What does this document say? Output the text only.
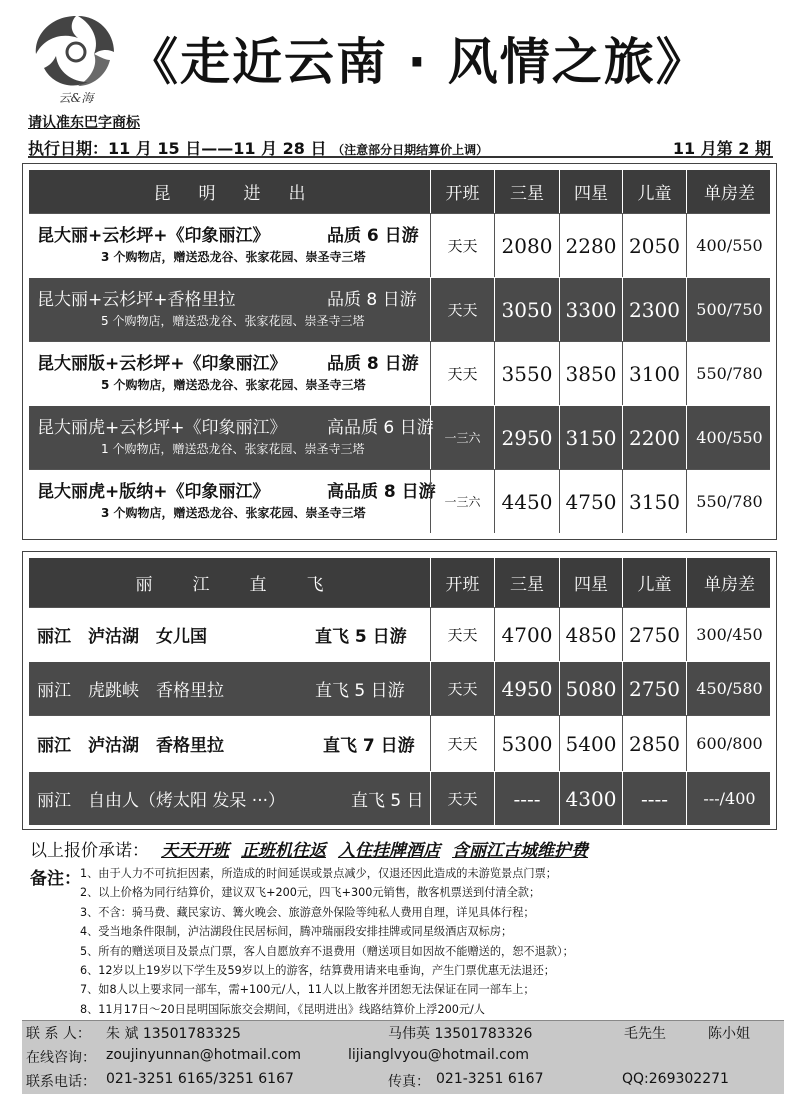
云&海
《走近云南 · 风情之旅》
请认准东巴字商标
执行日期：11 月 15 日——11 月 28 日 （注意部分日期结算价上调）	11 月第 2 期
昆明进出	开班	三星	四星	儿童	单房差
昆大丽+云杉坪+《印象丽江》	品质 6 日游
3 个购物店，赠送恐龙谷、张家花园、崇圣寺三塔
天天	2080 2280 2050	400/550
昆大丽+云杉坪+香格里拉	品质 8 日游
5 个购物店，赠送恐龙谷、张家花园、崇圣寺三塔
天天	3050 3300 2300	500/750
昆大丽版+云杉坪+《印象丽江》 品质 8 日游
5 个购物店，赠送恐龙谷、张家花园、崇圣寺三塔
天天	3550 3850 3100	550/780
昆大丽虎+云杉坪+《印象丽江》 高品质 6 日游
1 个购物店，赠送恐龙谷、张家花园、崇圣寺三塔
一三六	2950 3150 2200	400/550
昆大丽虎+版纳+《印象丽江》	高品质 8 日游
3 个购物店，赠送恐龙谷、张家花园、崇圣寺三塔
一三六	4450 4750 3150	550/780
丽江直飞	开班	三星	四星	儿童	单房差
丽江　泸沽湖　女儿国	直飞 5 日游	天天	4700 4850 2750	300/450
丽江　虎跳峡　香格里拉	直飞 5 日游	天天	4950 5080 2750	450/580
丽江　泸沽湖　香格里拉	直飞 7 日游	天天	5300 5400 2850	600/800
丽江　自由人（烤太阳 发呆 ···）	直飞 5 日	天天	----	4300	----	---/400
以上报价承诺： 天天开班 正班机往返 入住挂牌酒店 含丽江古城维护费
备注： 1、由于人力不可抗拒因素，所造成的时间延误或景点减少，仅退还因此造成的未游览景点门票；
2、以上价格为同行结算价，建议双飞+200元，四飞+300元销售，散客机票送到付清全款；
3、不含：骑马费、藏民家访、篝火晚会、旅游意外保险等纯私人费用自理，详见具体行程；
4、受当地条件限制，泸沽湖段住民居标间，腾冲瑞丽段安排挂牌或同星级酒店双标房；
5、所有的赠送项目及景点门票，客人自愿放弃不退费用（赠送项目如因故不能赠送的，恕不退款）；
6、12岁以上19岁以下学生及59岁以上的游客，结算费用请来电垂询，产生门票优惠无法退还；
7、如8人以上要求同一部车，需+100元/人，11人以上散客并团恕无法保证在同一部车上；
8、11月17日～20日昆明国际旅交会期间，《昆明进出》线路结算价上浮200元/人
联 系 人： 朱 斌 13501783325	马伟英 13501783326	毛先生	陈小姐
在线咨询： zoujinyunnan@hotmail.com	lijianglvyou@hotmail.com
联系电话： 021-3251 6165/3251 6167	传真： 021-3251 6167	QQ:269302271
